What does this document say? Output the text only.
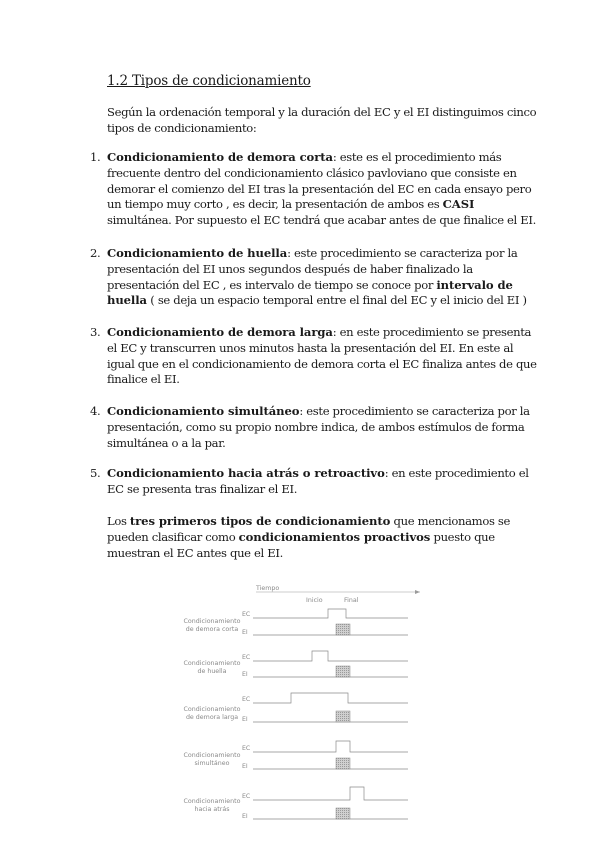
1.2 Tipos de condicionamiento
Según la ordenación temporal y la duración del EC y el EI distinguimos cinco tipos de condicionamiento:
1. Condicionamiento de demora corta: este es el procedimiento más frecuente dentro del condicionamiento clásico pavloviano que consiste en demorar el comienzo del EI tras la presentación del EC en cada ensayo pero un tiempo muy corto , es decir, la presentación de ambos es CASI simultánea. Por supuesto el EC tendrá que acabar antes de que finalice el EI.
2. Condicionamiento de huella: este procedimiento se caracteriza por la presentación del EI unos segundos después de haber finalizado la presentación del EC , es intervalo de tiempo se conoce por intervalo de huella ( se deja un espacio temporal entre el final del EC y el inicio del EI )
3. Condicionamiento de demora larga: en este procedimiento se presenta el EC y transcurren unos minutos hasta la presentación del EI. En este al igual que en el condicionamiento de demora corta el EC finaliza antes de que finalice el EI.
4. Condicionamiento simultáneo: este procedimiento se caracteriza por la presentación, como su propio nombre indica, de ambos estímulos de forma simultánea o a la par.
5. Condicionamiento hacia atrás o retroactivo: en este procedimiento el EC se presenta tras finalizar el EI.
Los tres primeros tipos de condicionamiento que mencionamos se pueden clasificar como condicionamientos proactivos puesto que muestran el EC antes que el EI.
Tiempo
Inicio	Final
Condicionamiento
de demora corta
Condicionamiento
de huella
Condicionamiento
de demora larga
Condicionamiento
simultáneo
Condicionamiento
hacia atrás
EC
EI
EC
EI
EC
EI
EC
EI
EC
EI
